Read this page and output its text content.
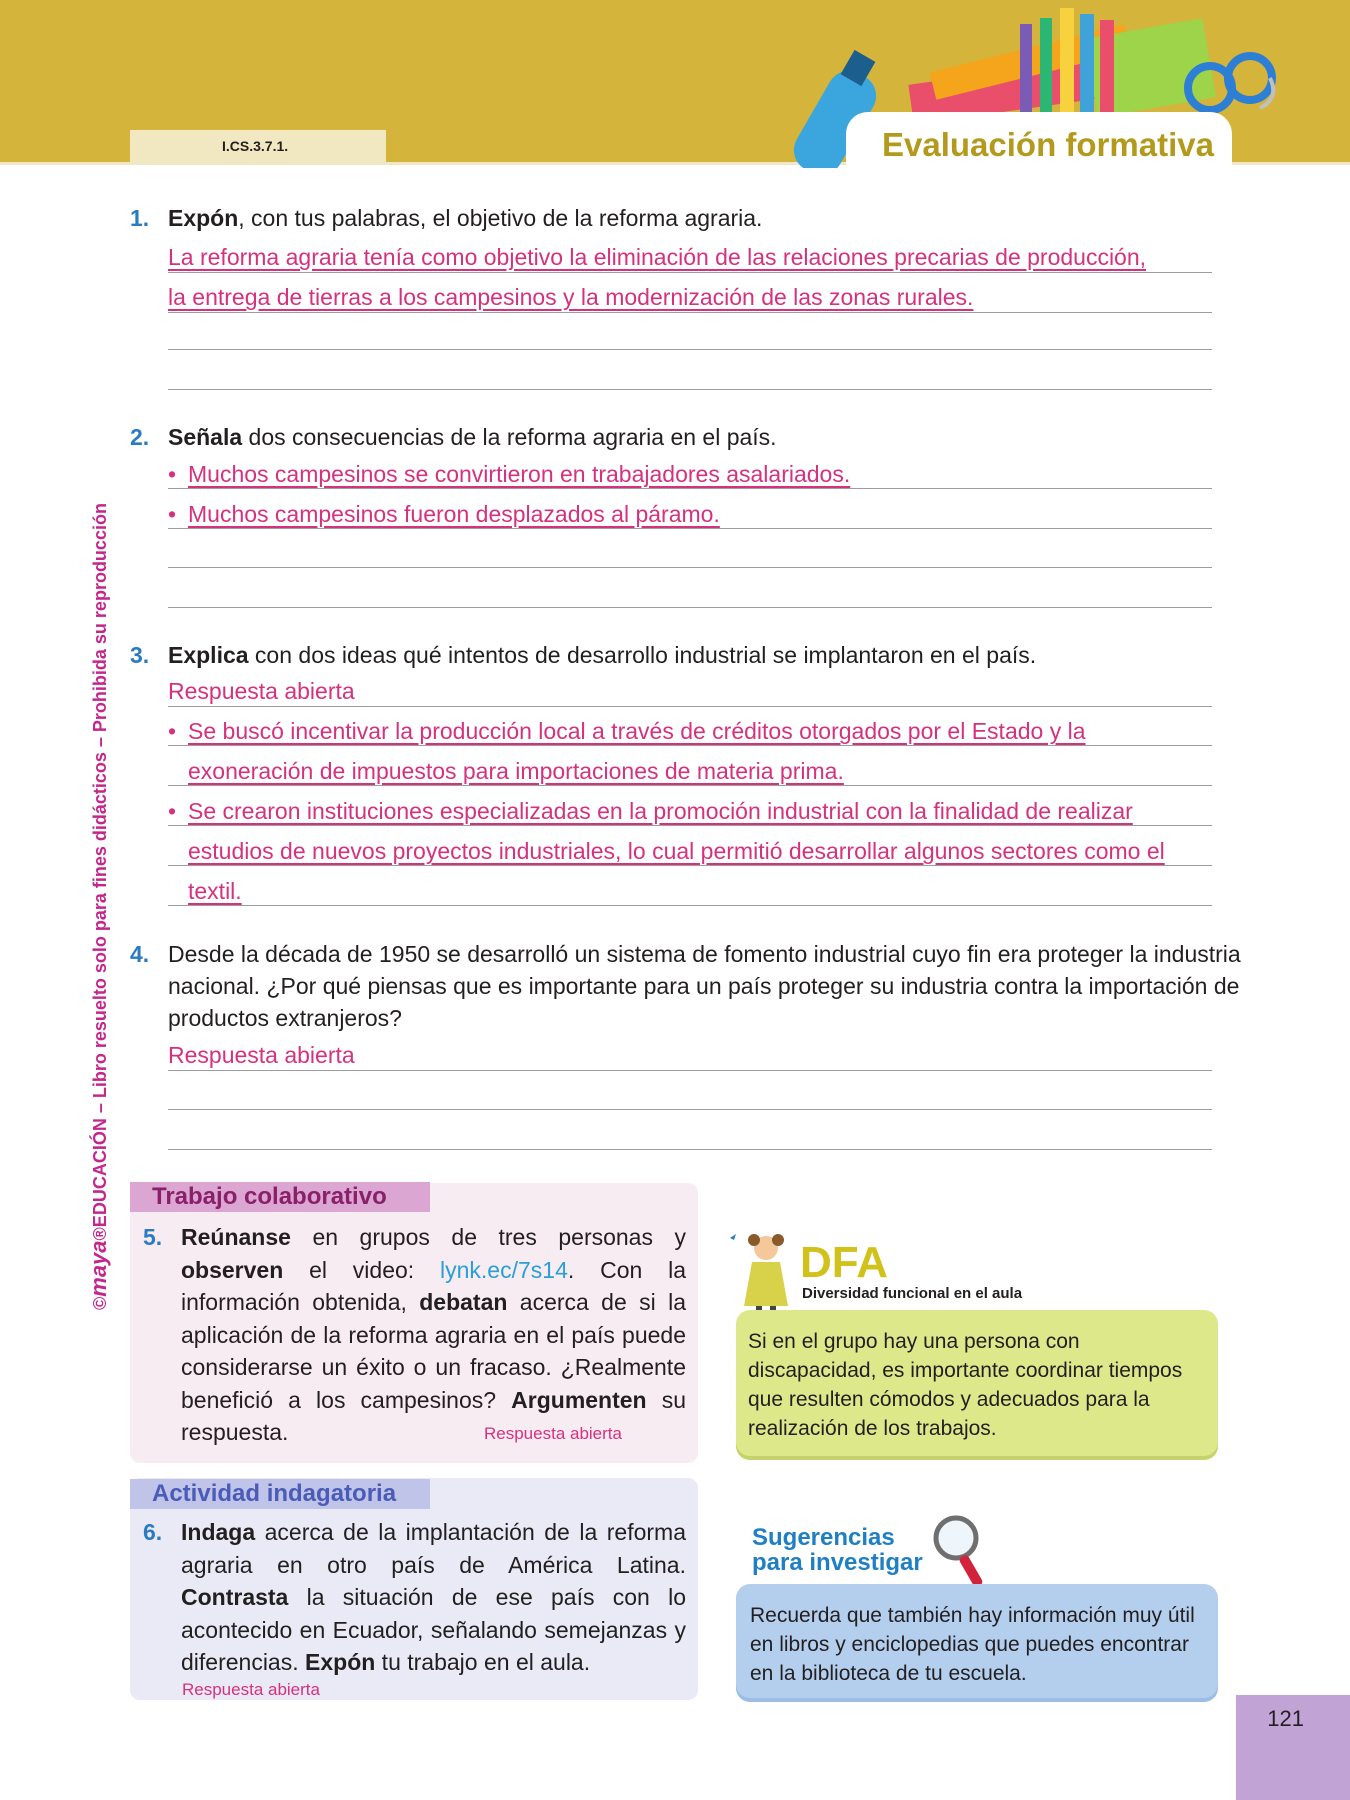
I.CS.3.7.1.	Evaluación formativa
©maya®EDUCACIÓN – Libro resuelto solo para fines didácticos – Prohibida su reproducción
1. Expón, con tus palabras, el objetivo de la reforma agraria.
La reforma agraria tenía como objetivo la eliminación de las relaciones precarias de producción,
la entrega de tierras a los campesinos y la modernización de las zonas rurales.
2. Señala dos consecuencias de la reforma agraria en el país.
• Muchos campesinos se convirtieron en trabajadores asalariados.
• Muchos campesinos fueron desplazados al páramo.
3. Explica con dos ideas qué intentos de desarrollo industrial se implantaron en el país.
Respuesta abierta
• Se buscó incentivar la producción local a través de créditos otorgados por el Estado y la
exoneración de impuestos para importaciones de materia prima.
• Se crearon instituciones especializadas en la promoción industrial con la finalidad de realizar
estudios de nuevos proyectos industriales, lo cual permitió desarrollar algunos sectores como el
textil.
4. Desde la década de 1950 se desarrolló un sistema de fomento industrial cuyo fin era proteger la industria nacional. ¿Por qué piensas que es importante para un país proteger su industria contra la importación de productos extranjeros?
Respuesta abierta
Trabajo colaborativo
5. Reúnanse en grupos de tres personas y observen el video: lynk.ec/7s14. Con la información obtenida, debatan acerca de si la aplicación de la reforma agraria en el país puede considerarse un éxito o un fracaso. ¿Realmente benefició a los campesinos? Argumenten su respuesta.	Respuesta abierta
Actividad indagatoria
6. Indaga acerca de la implantación de la reforma agraria en otro país de América Latina. Contrasta la situación de ese país con lo acontecido en Ecuador, señalando semejanzas y diferencias. Expón tu trabajo en el aula.
Respuesta abierta
DFA
Diversidad funcional en el aula
Si en el grupo hay una persona con discapacidad, es importante coordinar tiempos que resulten cómodos y adecuados para la realización de los trabajos.
Sugerencias
para investigar
Recuerda que también hay información muy útil en libros y enciclopedias que puedes encontrar en la biblioteca de tu escuela.
121
